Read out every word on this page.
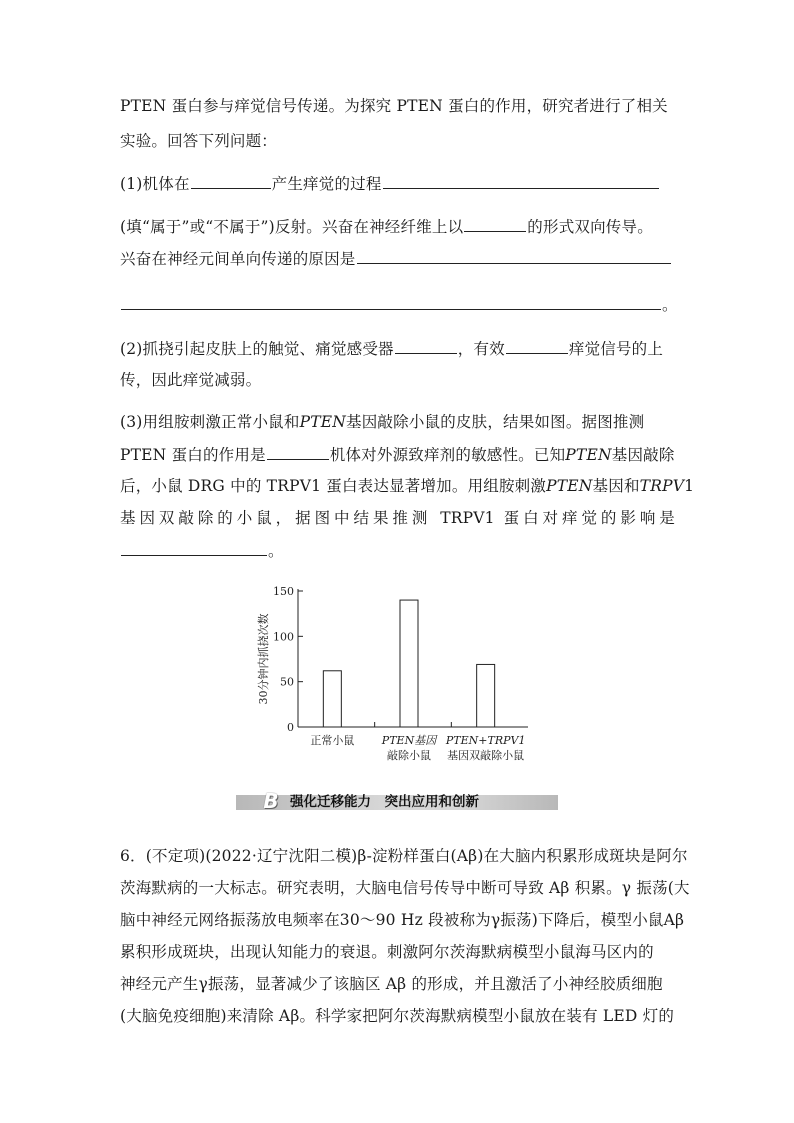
PTEN 蛋白参与痒觉信号传递。为探究 PTEN 蛋白的作用，研究者进行了相关
实验。回答下列问题：
(1)机体在	产生痒觉的过程
(填“属于”或“不属于”)反射。兴奋在神经纤维上以	的形式双向传导。
兴奋在神经元间单向传递的原因是
。
(2)抓挠引起皮肤上的触觉、痛觉感受器	，有效	痒觉信号的上
传，因此痒觉减弱。
(3)用组胺刺激正常小鼠和PTEN基因敲除小鼠的皮肤，结果如图。据图推测
PTEN 蛋白的作用是	机体对外源致痒剂的敏感性。已知PTEN基因敲除
后，小鼠 DRG 中的 TRPV1 蛋白表达显著增加。用组胺刺激PTEN基因和TRPV1
基因双敲除的小鼠，据图中结果推测 TRPV1 蛋白对痒觉的影响是
。
0
50
100
150
30分钟内抓挠次数
正常小鼠 PTEN基因
敲除小鼠
PTEN+TRPV1
基因双敲除小鼠
B 强化迁移能力　突出应用和创新
6．(不定项)(2022·辽宁沈阳二模)β-淀粉样蛋白(Aβ)在大脑内积累形成斑块是阿尔
茨海默病的一大标志。研究表明，大脑电信号传导中断可导致 Aβ 积累。γ 振荡(大
脑中神经元网络振荡放电频率在30～90 Hz 段被称为γ振荡)下降后，模型小鼠Aβ
累积形成斑块，出现认知能力的衰退。刺激阿尔茨海默病模型小鼠海马区内的
神经元产生γ振荡，显著减少了该脑区 Aβ 的形成，并且激活了小神经胶质细胞
(大脑免疫细胞)来清除 Aβ。科学家把阿尔茨海默病模型小鼠放在装有 LED 灯的
